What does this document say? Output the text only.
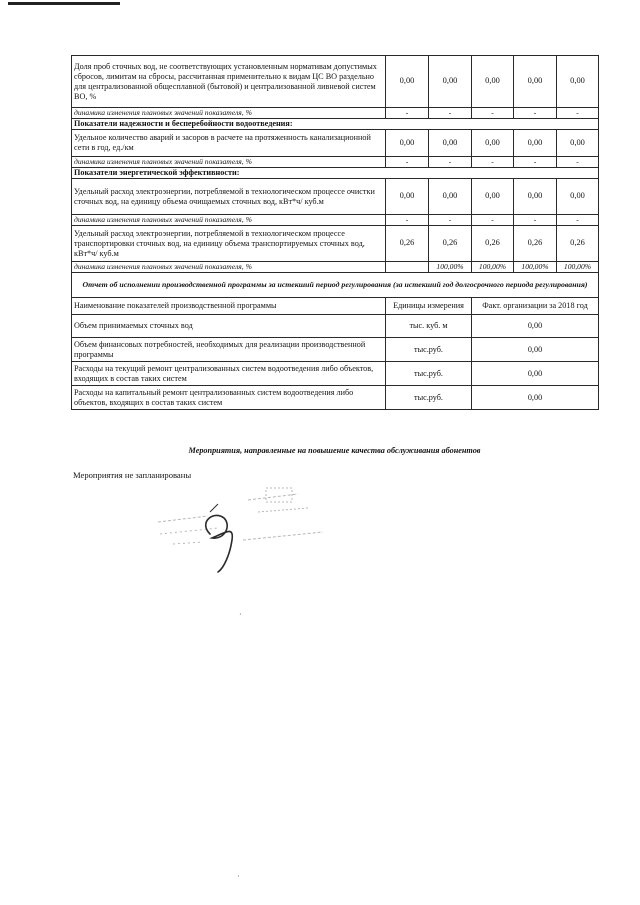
Доля проб сточных вод, не соответствующих установленным нормативам допустимых сбросов, лимитам на сбросы, рассчитанная применительно к видам ЦС ВО раздельно для централизованной общесплавной (бытовой) и централизованной ливневой систем ВО, %	0,00	0,00	0,00	0,00	0,00
динамика изменения плановых значений показателя, %	-	-	-	-	-
Показатели надежности и бесперебойности водоотведения:					
Удельное количество аварий и засоров в расчете на протяженность канализационной сети в год, ед./км	0,00	0,00	0,00	0,00	0,00
динамика изменения плановых значений показателя, %	-	-	-	-	-
Показатели энергетической эффективности:					
Удельный расход электроэнергии, потребляемой в технологическом процессе очистки сточных вод, на единицу объема очищаемых сточных вод, кВт*ч/ куб.м	0,00	0,00	0,00	0,00	0,00
динамика изменения плановых значений показателя, %	-	-	-	-	-
Удельный расход электроэнергии, потребляемой в технологическом процессе транспортировки сточных вод, на единицу объема транспортируемых сточных вод, кВт*ч/ куб.м	0,26	0,26	0,26	0,26	0,26
динамика изменения плановых значений показателя, %		100,00%	100,00%	100,00%	100,00%
Отчет об исполнении производственной программы за истекший период регулирования (за истекший год долгосрочного периода регулирования)					
Наименование показателей производственной программы	Единицы измерения		Факт. организации за 2018 год		
Объем принимаемых сточных вод	тыс. куб. м		0,00		
Объем финансовых потребностей, необходимых для реализации производственной программы	тыс.руб.		0,00		
Расходы на текущий ремонт централизованных систем водоотведения либо объектов, входящих в состав таких систем	тыс.руб.		0,00		
Расходы на капитальный ремонт централизованных систем водоотведения либо объектов, входящих в состав таких систем	тыс.руб.		0,00		
Мероприятия, направленные на повышение качества обслуживания абонентов
Мероприятия не запланированы
·
·
